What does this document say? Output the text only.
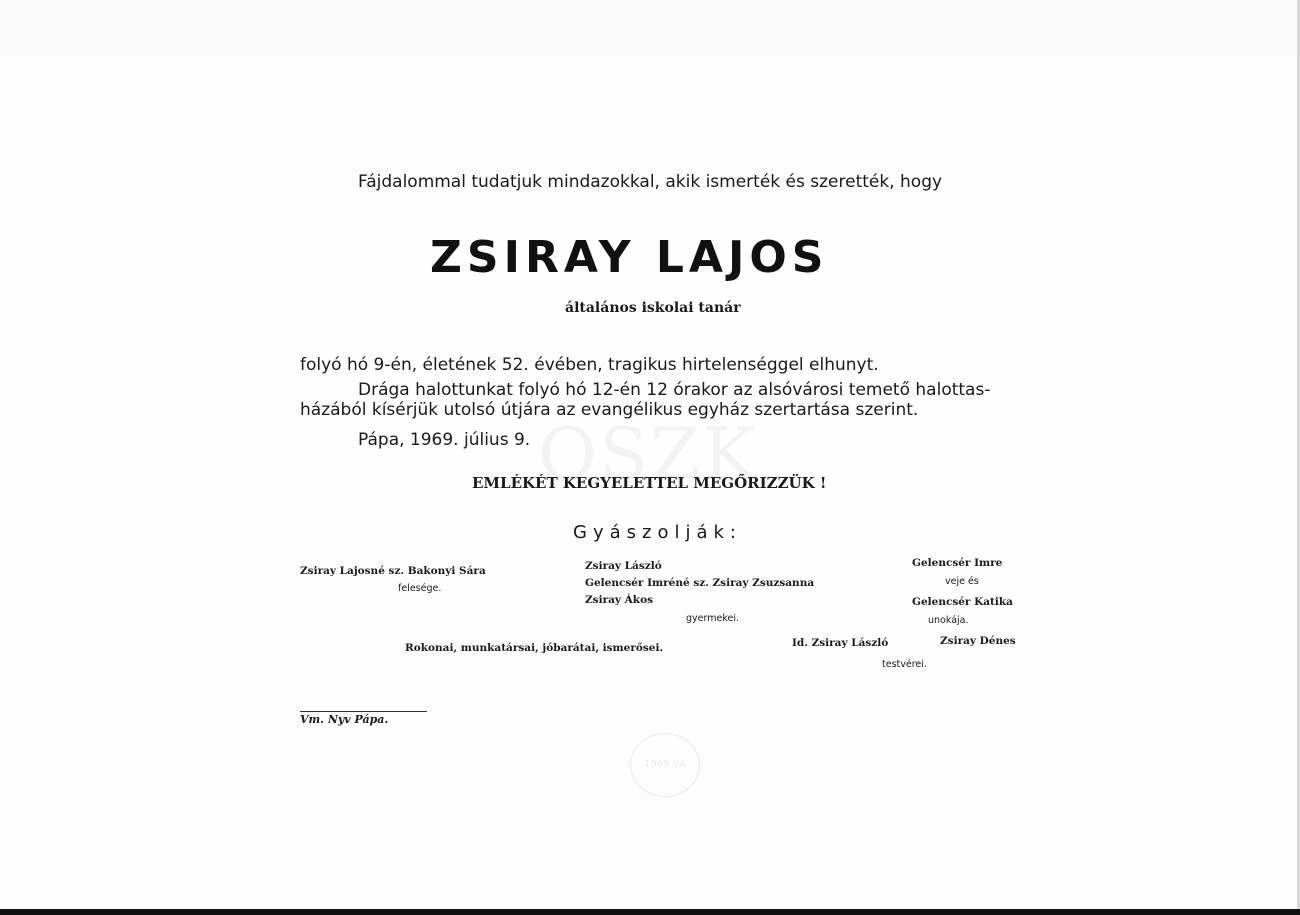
1969 I/A
Fájdalommal tudatjuk mindazokkal, akik ismerték és szerették, hogy
ZSIRAY LAJOS
általános iskolai tanár
folyó hó 9-én, életének 52. évében, tragikus hirtelenséggel elhunyt.
Drága halottunkat folyó hó 12-én 12 órakor az alsóvárosi temető halottas-
házából kísérjük utolsó útjára az evangélikus egyház szertartása szerint.
Pápa, 1969. július 9.
EMLÉKÉT KEGYELETTEL MEGŐRIZZÜK !
Gyászolják:
Zsiray Lajosné sz. Bakonyi Sára
felesége.
Zsiray László
Gelencsér Imréné sz. Zsiray Zsuzsanna
Zsiray Ákos
gyermekei.
Gelencsér Imre
veje és
Gelencsér Katika
unokája.
Rokonai, munkatársai, jóbarátai, ismerősei.	Id. Zsiray László	Zsiray Dénes
testvérei.
Vm. Nyv Pápa.
